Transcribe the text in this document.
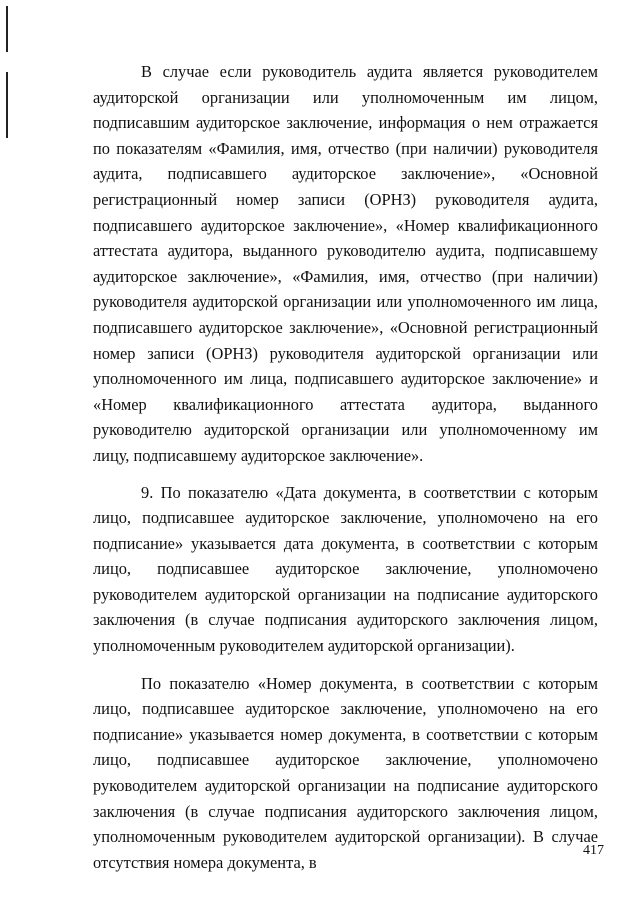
В случае если руководитель аудита является руководителем аудиторской организации или уполномоченным им лицом, подписавшим аудиторское заключение, информация о нем отражается по показателям «Фамилия, имя, отчество (при наличии) руководителя аудита, подписавшего аудиторское заключение», «Основной регистрационный номер записи (ОРНЗ) руководителя аудита, подписавшего аудиторское заключение», «Номер квалификационного аттестата аудитора, выданного руководителю аудита, подписавшему аудиторское заключение», «Фамилия, имя, отчество (при наличии) руководителя аудиторской организации или уполномоченного им лица, подписавшего аудиторское заключение», «Основной регистрационный номер записи (ОРНЗ) руководителя аудиторской организации или уполномоченного им лица, подписавшего аудиторское заключение» и «Номер квалификационного аттестата аудитора, выданного руководителю аудиторской организации или уполномоченному им лицу, подписавшему аудиторское заключение».

9. По показателю «Дата документа, в соответствии с которым лицо, подписавшее аудиторское заключение, уполномочено на его подписание» указывается дата документа, в соответствии с которым лицо, подписавшее аудиторское заключение, уполномочено руководителем аудиторской организации на подписание аудиторского заключения (в случае подписания аудиторского заключения лицом, уполномоченным руководителем аудиторской организации).

По показателю «Номер документа, в соответствии с которым лицо, подписавшее аудиторское заключение, уполномочено на его подписание» указывается номер документа, в соответствии с которым лицо, подписавшее аудиторское заключение, уполномочено руководителем аудиторской организации на подписание аудиторского заключения (в случае подписания аудиторского заключения лицом, уполномоченным руководителем аудиторской организации). В случае отсутствия номера документа, в

417
